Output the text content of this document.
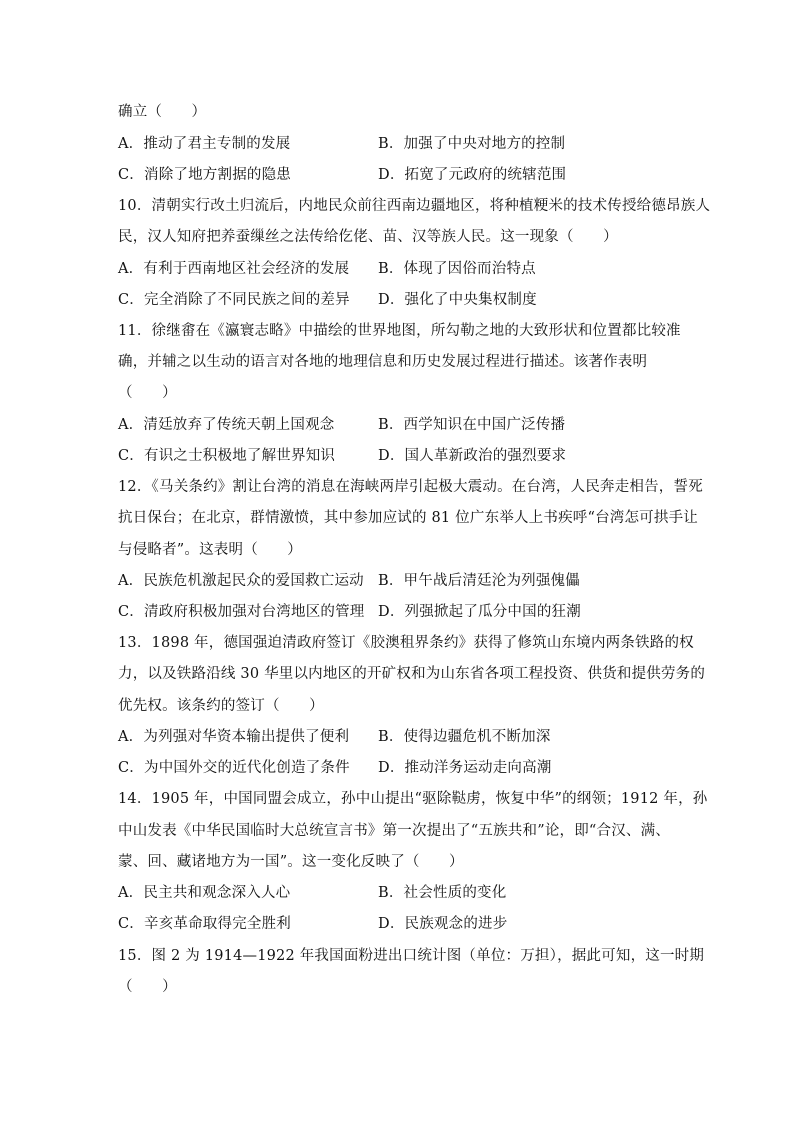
确立（　　）
A．推动了君主专制的发展	B．加强了中央对地方的控制
C．消除了地方割据的隐患	D．拓宽了元政府的统辖范围
10．清朝实行改土归流后，内地民众前往西南边疆地区，将种植粳米的技术传授给德昂族人
民，汉人知府把养蚕缫丝之法传给仡佬、苗、汉等族人民。这一现象（　　）
A．有利于西南地区社会经济的发展 B．体现了因俗而治特点
C．完全消除了不同民族之间的差异 D．强化了中央集权制度
11．徐继畬在《瀛寰志略》中描绘的世界地图，所勾勒之地的大致形状和位置都比较准
确，并辅之以生动的语言对各地的地理信息和历史发展过程进行描述。该著作表明
（　　）
A．清廷放弃了传统天朝上国观念	B．西学知识在中国广泛传播
C．有识之士积极地了解世界知识	D．国人革新政治的强烈要求
12．《马关条约》割让台湾的消息在海峡两岸引起极大震动。在台湾，人民奔走相告，誓死
抗日保台；在北京，群情激愤，其中参加应试的 81 位广东举人上书疾呼“台湾怎可拱手让
与侵略者”。这表明（　　）
A．民族危机激起民众的爱国救亡运动 B．甲午战后清廷沦为列强傀儡
C．清政府积极加强对台湾地区的管理 D．列强掀起了瓜分中国的狂潮
13．1898 年，德国强迫清政府签订《胶澳租界条约》获得了修筑山东境内两条铁路的权
力，以及铁路沿线 30 华里以内地区的开矿权和为山东省各项工程投资、供货和提供劳务的
优先权。该条约的签订（　　）
A．为列强对华资本输出提供了便利 B．使得边疆危机不断加深
C．为中国外交的近代化创造了条件 D．推动洋务运动走向高潮
14．1905 年，中国同盟会成立，孙中山提出“驱除鞑虏，恢复中华”的纲领；1912 年，孙
中山发表《中华民国临时大总统宣言书》第一次提出了“五族共和”论，即“合汉、满、
蒙、回、藏诸地方为一国”。这一变化反映了（　　）
A．民主共和观念深入人心	B．社会性质的变化
C．辛亥革命取得完全胜利	D．民族观念的进步
15．图 2 为 1914—1922 年我国面粉进出口统计图（单位：万担），据此可知，这一时期
（　　）
